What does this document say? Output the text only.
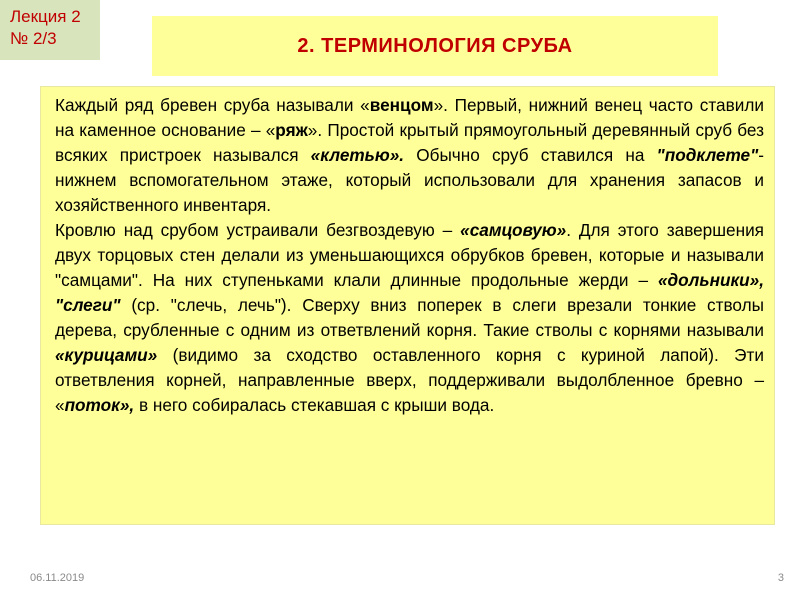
Лекция 2
№ 2/3	2. ТЕРМИНОЛОГИЯ СРУБА

Каждый ряд бревен сруба называли «венцом». Первый, нижний венец часто ставили на каменное основание – «ряж». Простой крытый прямоугольный деревянный сруб без всяких пристроек назывался «клетью». Обычно сруб ставился на "подклете"- нижнем вспомогательном этаже, который использовали для хранения запасов и хозяйственного инвентаря.

Кровлю над срубом устраивали безгвоздевую – «самцовую». Для этого завершения двух торцовых стен делали из уменьшающихся обрубков бревен, которые и называли "самцами". На них ступеньками клали длинные продольные жерди – «дольники», "слеги" (ср. "слечь, лечь"). Сверху вниз поперек в слеги врезали тонкие стволы дерева, срубленные с одним из ответвлений корня. Такие стволы с корнями называли «курицами» (видимо за сходство оставленного корня с куриной лапой). Эти ответвления корней, направленные вверх, поддерживали выдолбленное бревно – «поток», в него собиралась стекавшая с крыши вода.

06.11.2019	3
